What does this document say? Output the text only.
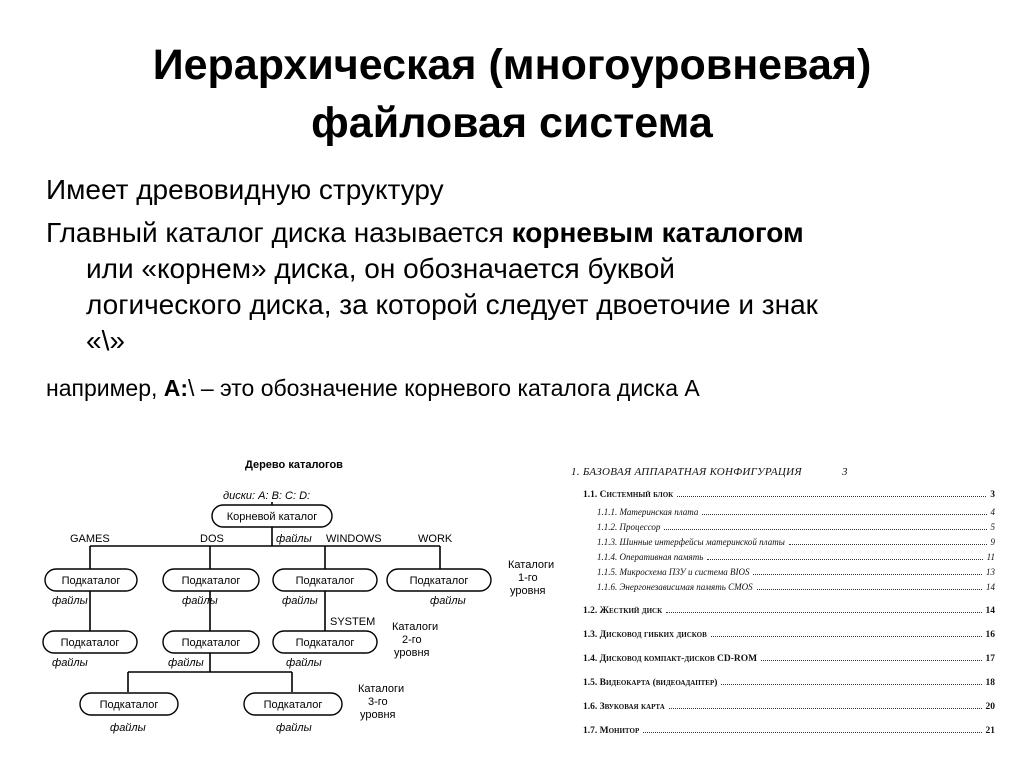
Иерархическая (многоуровневая)
файловая система
Имеет древовидную структуру
Главный каталог диска называется корневым каталогом
или «корнем» диска, он обозначается буквой
логического диска, за которой следует двоеточие и знак
«\»
например, А:\ – это обозначение корневого каталога диска А
Дерево каталогов
диски: A: B: C: D:
Корневой каталог
GAMES	DOS	файлы WINDOWS	WORK
Подкаталог	Подкаталог	Подкаталог	Подкаталог
файлы	файлы	файлы	файлы
Каталоги
1-го
уровня
SYSTEM Каталоги
2-го
уровня
Подкаталог	Подкаталог	Подкаталог
файлы	файлы	файлы
Подкаталог	Подкаталог
Каталоги
3-го
уровня
файлы	файлы
1. БАЗОВАЯ АППАРАТНАЯ КОНФИГУРАЦИЯ	3
1.1. Системный блок	3
1.1.1. Материнская плата	4
1.1.2. Процессор	5
1.1.3. Шинные интерфейсы материнской платы	9
1.1.4. Оперативная память	11
1.1.5. Микросхема ПЗУ и система BIOS	13
1.1.6. Энергонезависимая память CMOS	14
1.2. Жесткий диск	14
1.3. Дисковод гибких дисков	16
1.4. Дисковод компакт-дисков CD-ROM	17
1.5. Видеокарта (видеоадаптер)	18
1.6. Звуковая карта	20
1.7. Монитор	21
